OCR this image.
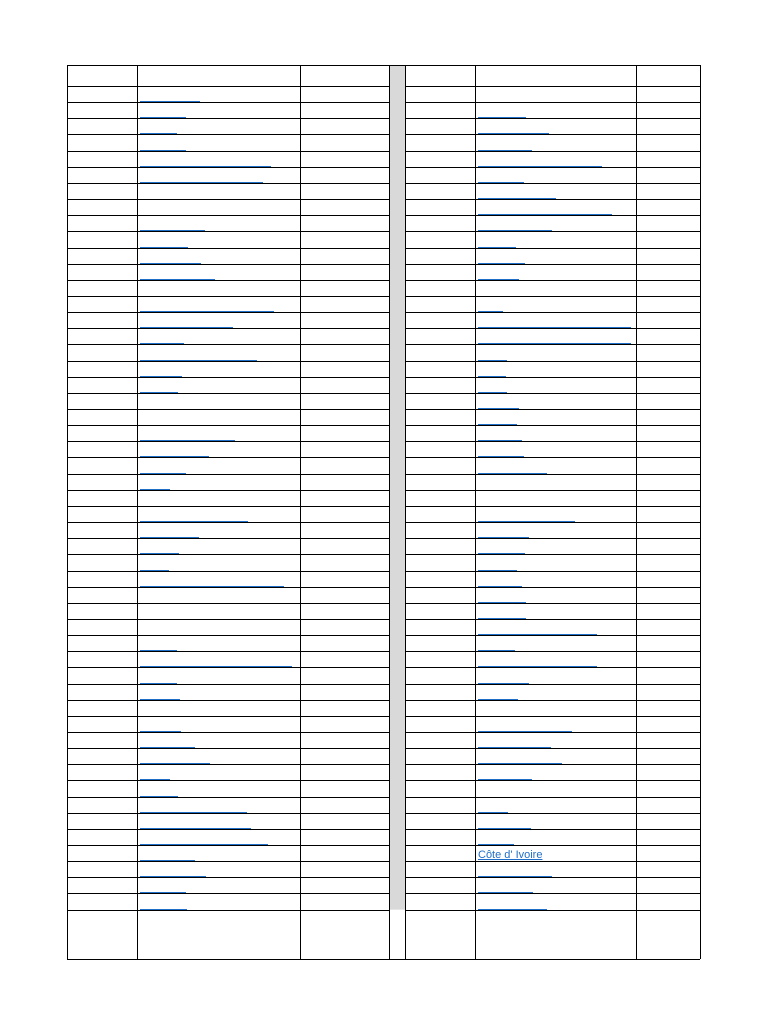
Côte d' Ivoire
